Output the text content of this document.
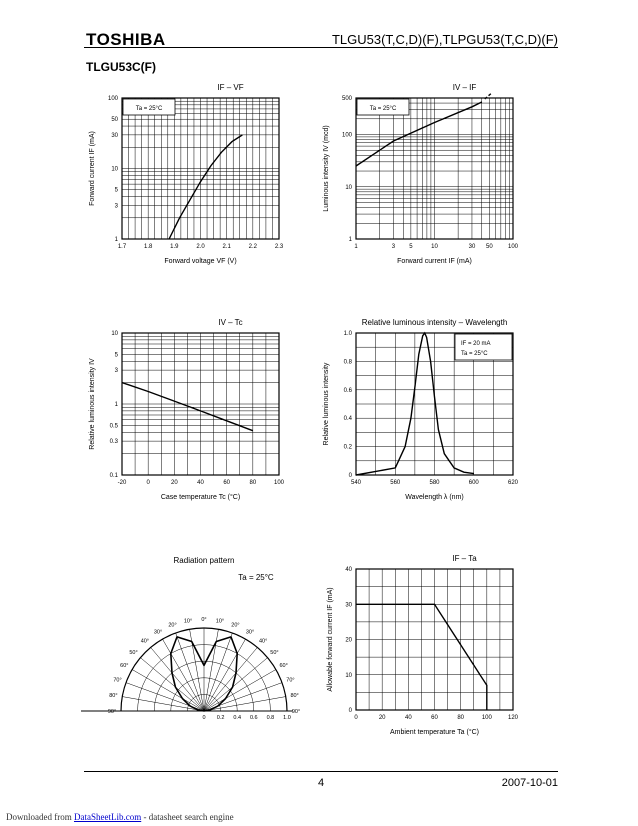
TOSHIBA	TLGU53(T,C,D)(F),TLPGU53(T,C,D)(F)
TLGU53C(F)
1.7	1.8	1.9	2.0	2.1	2.2	2.3
1
3
5
10
30
50
100
IF – VF
Forward voltage VF (V)
Forward current IF (mA)
Ta = 25°C
1	3 5	10	30 50	100
1
10
100
500
IV – IF
Forward current IF (mA)
Luminous intensity IV (mcd)
Ta = 25°C
-20	0	20	40	60	80	100
0.1
0.3
0.5
1
3
5
10
IV – Tc
Case temperature Tc (°C)
Relative luminous intensity IV
540	560	580	600	620
0
0.2
0.4
0.6
0.8
1.0
Relative luminous intensity – Wavelength
Wavelength λ (nm)
Relative luminous intensity
IF = 20 mA
Ta = 25°C
0	20	40	60	80	100	120
0
10
20
30
40
IF – Ta
Ambient temperature Ta (°C)
Allowable forward current IF (mA)
Radiation pattern
Ta = 25°C
0° 10°
10°
20°
20°
30°
30°
40°
40°
50°
50°
60°
60°
70°
70°
80°
80°
90°
90°
0 0.2 0.4 0.6 0.8 1.0
4	2007-10-01
Downloaded from DataSheetLib.com - datasheet search engine
